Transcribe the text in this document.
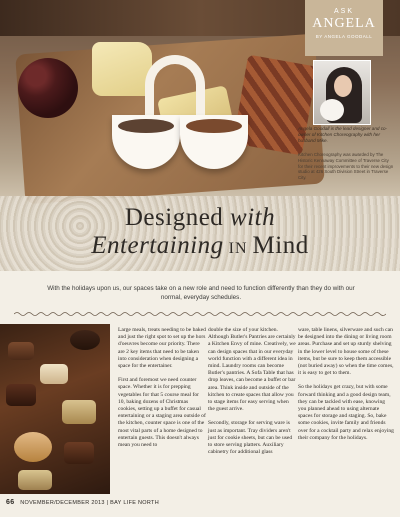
ASK
ANGELA
BY ANGELA GOODALL
Angela Goodall is the lead designer and co-owner of Kitchen Choreography with her husband Mike.
Kitchen Choreography was awarded by The Historic Kennaway Committee of Traverse City for their recent improvements to their new design studio at 426 South Division Street in Traverse City.
Designed with
Entertaining IN Mind
With the holidays upon us, our spaces take on a new role and need to function differently than they do with our normal, everyday schedules.

Large meals, treats needing to be baked and just the right spot to set up the hors d'oeuvres become our priority. There are 2 key items that need to be taken into consideration when designing a space for the entertainer.

First and foremost we need counter space. Whether it is for prepping vegetables for that 5 course meal for 10, baking dozens of Christmas cookies, setting up a buffet for casual entertaining or a staging area outside of the kitchen, counter space is one of the most vital parts of a home designed to entertain guests. This doesn't always mean you need to

double the size of your kitchen. Although Butler's Pantries are certainly a Kitchen Envy of mine. Creatively, we can design spaces that in our everyday world function with a different idea in mind. Laundry rooms can become Butler's pantries. A Sofa Table that has drop leaves, can become a buffet or bar area. Think inside and outside of the kitchen to create spaces that allow you to stage items for easy serving when the guest arrive.

Secondly, storage for serving ware is just as important. Tray dividers aren't just for cookie sheets, but can be used to store serving platters. Auxiliary cabinetry for additional glass

ware, table linens, silverware and such can be designed into the dining or living room areas. Purchase and set up sturdy shelving in the lower level to house some of these items, but be sure to keep them accessible (not buried away) so when the time comes, it is easy to get to them.

So the holidays get crazy, but with some forward thinking and a good design team, they can be tackled with ease, knowing you planned ahead to using alternate spaces for storage and staging. So, bake some cookies, invite family and friends over for a cocktail party and relax enjoying their company for the holidays.

66 NOVEMBER/DECEMBER 2013 | BAY LIFE NORTH
